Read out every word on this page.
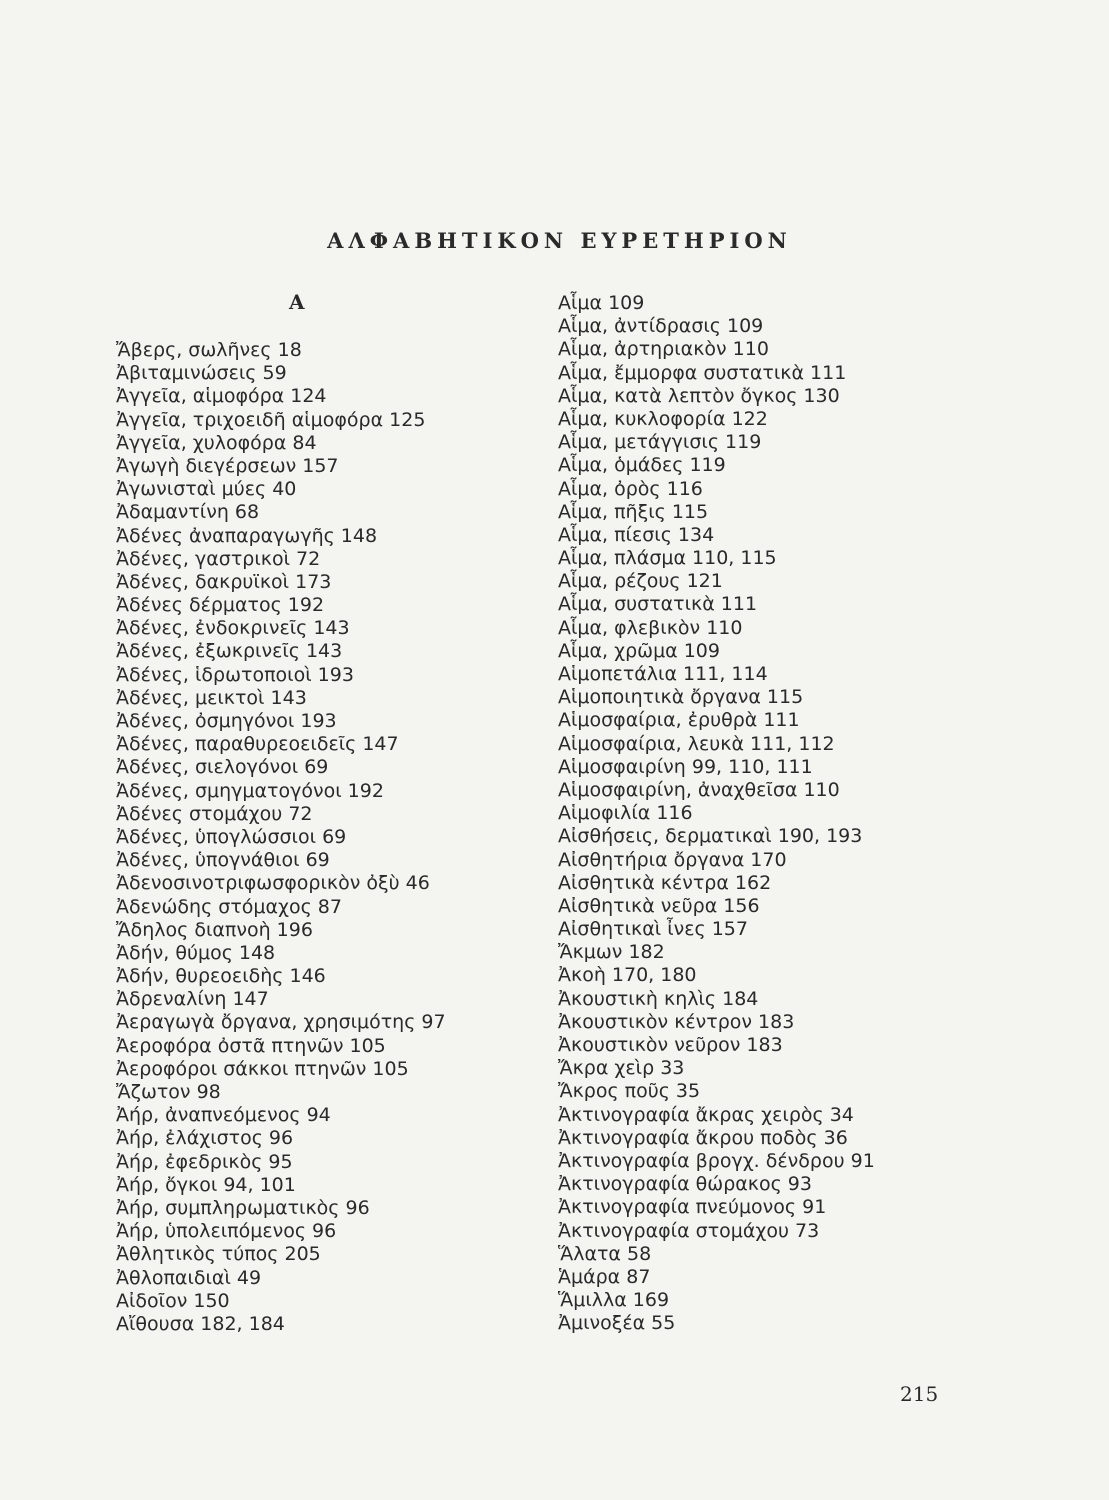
ΑΛΦΑΒΗΤΙΚΟΝ ΕΥΡΕΤΗΡΙΟΝ
Α
Ἄβερς, σωλῆνες 18
Ἀβιταμινώσεις 59
Ἀγγεῖα, αἱμοφόρα 124
Ἀγγεῖα, τριχοειδῆ αἱμοφόρα 125
Ἀγγεῖα, χυλοφόρα 84
Ἀγωγὴ διεγέρσεων 157
Ἀγωνισταὶ μύες 40
Ἀδαμαντίνη 68
Ἀδένες ἀναπαραγωγῆς 148
Ἀδένες, γαστρικοὶ 72
Ἀδένες, δακρυϊκοὶ 173
Ἀδένες δέρματος 192
Ἀδένες, ἐνδοκρινεῖς 143
Ἀδένες, ἐξωκρινεῖς 143
Ἀδένες, ἱδρωτοποιοὶ 193
Ἀδένες, μεικτοὶ 143
Ἀδένες, ὀσμηγόνοι 193
Ἀδένες, παραθυρεοειδεῖς 147
Ἀδένες, σιελογόνοι 69
Ἀδένες, σμηγματογόνοι 192
Ἀδένες στομάχου 72
Ἀδένες, ὑπογλώσσιοι 69
Ἀδένες, ὑπογνάθιοι 69
Ἀδενοσινοτριφωσφορικὸν ὀξὺ 46
Ἀδενώδης στόμαχος 87
Ἄδηλος διαπνοὴ 196
Ἀδήν, θύμος 148
Ἀδήν, θυρεοειδὴς 146
Ἀδρεναλίνη 147
Ἀεραγωγὰ ὄργανα, χρησιμότης 97
Ἀεροφόρα ὀστᾶ πτηνῶν 105
Ἀεροφόροι σάκκοι πτηνῶν 105
Ἄζωτον 98
Ἀήρ, ἀναπνεόμενος 94
Ἀήρ, ἐλάχιστος 96
Ἀήρ, ἐφεδρικὸς 95
Ἀήρ, ὄγκοι 94, 101
Ἀήρ, συμπληρωματικὸς 96
Ἀήρ, ὑπολειπόμενος 96
Ἀθλητικὸς τύπος 205
Ἀθλοπαιδιαὶ 49
Αἰδοῖον 150
Αἴθουσα 182, 184
Αἷμα 109
Αἷμα, ἀντίδρασις 109
Αἷμα, ἀρτηριακὸν 110
Αἷμα, ἔμμορφα συστατικὰ 111
Αἷμα, κατὰ λεπτὸν ὄγκος 130
Αἷμα, κυκλοφορία 122
Αἷμα, μετάγγισις 119
Αἷμα, ὁμάδες 119
Αἷμα, ὀρὸς 116
Αἷμα, πῆξις 115
Αἷμα, πίεσις 134
Αἷμα, πλάσμα 110, 115
Αἷμα, ρέζους 121
Αἷμα, συστατικὰ 111
Αἷμα, φλεβικὸν 110
Αἷμα, χρῶμα 109
Αἱμοπετάλια 111, 114
Αἱμοποιητικὰ ὄργανα 115
Αἱμοσφαίρια, ἐρυθρὰ 111
Αἱμοσφαίρια, λευκὰ 111, 112
Αἱμοσφαιρίνη 99, 110, 111
Αἱμοσφαιρίνη, ἀναχθεῖσα 110
Αἱμοφιλία 116
Αἰσθήσεις, δερματικαὶ 190, 193
Αἰσθητήρια ὄργανα 170
Αἰσθητικὰ κέντρα 162
Αἰσθητικὰ νεῦρα 156
Αἰσθητικαὶ ἶνες 157
Ἄκμων 182
Ἀκοὴ 170, 180
Ἀκουστικὴ κηλὶς 184
Ἀκουστικὸν κέντρον 183
Ἀκουστικὸν νεῦρον 183
Ἄκρα χεὶρ 33
Ἄκρος ποῦς 35
Ἀκτινογραφία ἄκρας χειρὸς 34
Ἀκτινογραφία ἄκρου ποδὸς 36
Ἀκτινογραφία βρογχ. δένδρου 91
Ἀκτινογραφία θώρακος 93
Ἀκτινογραφία πνεύμονος 91
Ἀκτινογραφία στομάχου 73
Ἅλατα 58
Ἁμάρα 87
Ἅμιλλα 169
Ἀμινοξέα 55

215
